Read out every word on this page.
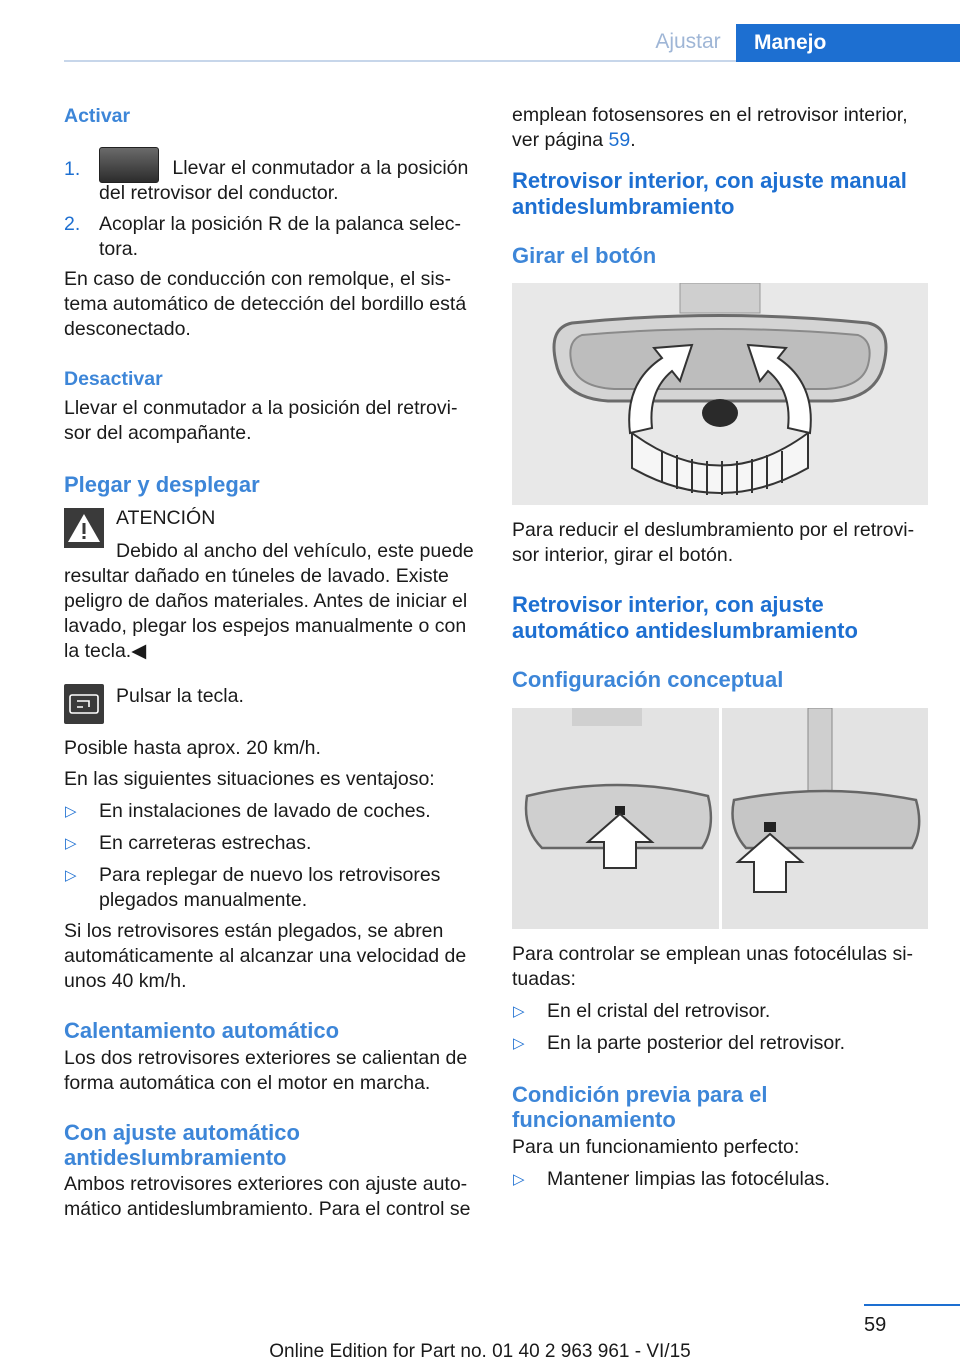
Ajustar	Manejo
Activar
1.	Llevar el conmutador a la posición
del retrovisor del conductor.
2. Acoplar la posición R de la palanca selec‐
tora.

En caso de conducción con remolque, el sis‐

tema automático de detección del bordillo está

desconectado.

Desactivar

Llevar el conmutador a la posición del retrovi‐

sor del acompañante.

Plegar y desplegar

ATENCIÓN

Debido al ancho del vehículo, este puede

resultar dañado en túneles de lavado. Existe

peligro de daños materiales. Antes de iniciar el

lavado, plegar los espejos manualmente o con

la tecla.◀

Pulsar la tecla.

Posible hasta aprox. 20 km/h.

En las siguientes situaciones es ventajoso:

▷ En instalaciones de lavado de coches.
▷ En carreteras estrechas.
▷ Para replegar de nuevo los retrovisores
plegados manualmente.

Si los retrovisores están plegados, se abren

automáticamente al alcanzar una velocidad de

unos 40 km/h.

Calentamiento automático

Los dos retrovisores exteriores se calientan de

forma automática con el motor en marcha.

Con ajuste automático
antideslumbramiento

Ambos retrovisores exteriores con ajuste auto‐

mático antideslumbramiento. Para el control se

emplean fotosensores en el retrovisor interior,

ver página 59.

Retrovisor interior, con ajuste manual
antideslumbramiento
Girar el botón

Para reducir el deslumbramiento por el retrovi‐

sor interior, girar el botón.

Retrovisor interior, con ajuste
automático antideslumbramiento
Configuración conceptual

Para controlar se emplean unas fotocélulas si‐

tuadas:

▷ En el cristal del retrovisor.
▷ En la parte posterior del retrovisor.
Condición previa para el
funcionamiento

Para un funcionamiento perfecto:

▷ Mantener limpias las fotocélulas.
59
Online Edition for Part no. 01 40 2 963 961 - VI/15
